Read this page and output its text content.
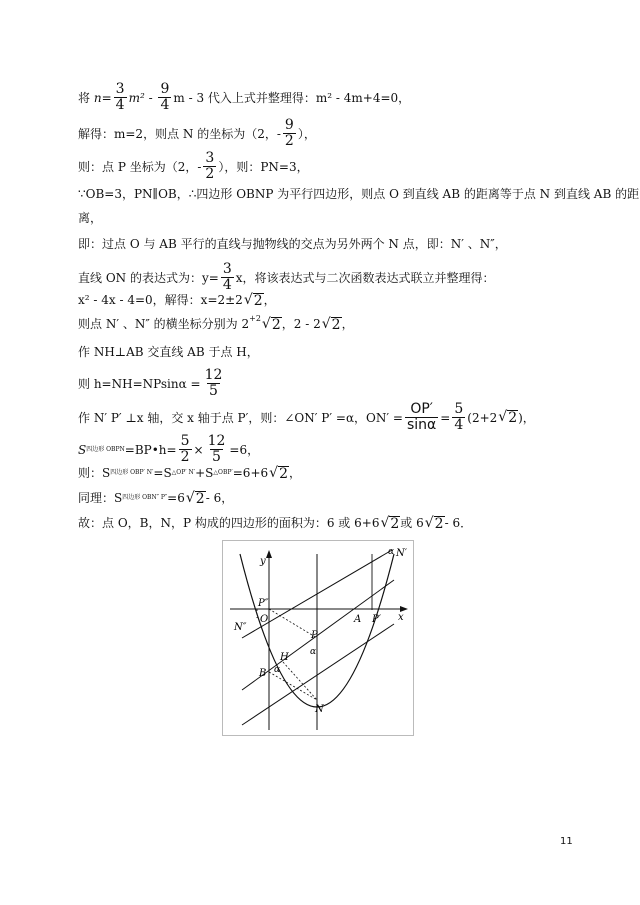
将
$n = \frac{3}{4} m^2$
-
$\frac{9}{4}$ m - 3 代入上式并整理得：m² - 4m+4=0，
解得：m=2，则点 N 的坐标为（2，- $\frac{9}{2}$ ），
则：点 P 坐标为（2，- $\frac{3}{2}$ ），则：PN=3，
∵OB=3，PN∥OB，∴四边形 OBNP 为平行四边形，则点 O 到直线 AB 的距离等于点 N 到直线 AB 的距
离，
即：过点 O 与 AB 平行的直线与抛物线的交点为另外两个 N 点，即：N′ 、N″，
直线 ON 的表达式为：$y= \frac{3}{4}$ x，将该表达式与二次函数表达式联立并整理得：
x² - 4x - 4=0，解得：x=2±2 √ 2 ，
则点 N′ 、N″ 的横坐标分别为 2 +2 √ 2 ，2 - 2 √ 2 ，
作 NH⊥AB 交直线 AB 于点 H，
则 $h=NH=NPsin\alpha = \frac{12}{5}$
作 N′ P′ ⊥x 轴，交 x 轴于点 P′，则：∠ON′ P′ =α，$ON' = \frac{OP'}{\sin\alpha} = \frac{5}{4} (2+2$ √ 2 )，
S 四边形 OBPN =BP•h= $\frac{5}{2} \times \frac{12}{5} =6$，
则：S 四边形 OBP′ N′ =S △OP′ N′ +S △OBP′ =6+6 √ 2 ，
同理：S 四边形 OBN″ P″ =6 √ 2 - 6，
故：点 O，B，N，P 构成的四边形的面积为：6 或 6+6 √ 2 或 6 √ 2 - 6．
y
x
O	A P′
P″
N′
N″
N
B
H
P
α
α
α
11
